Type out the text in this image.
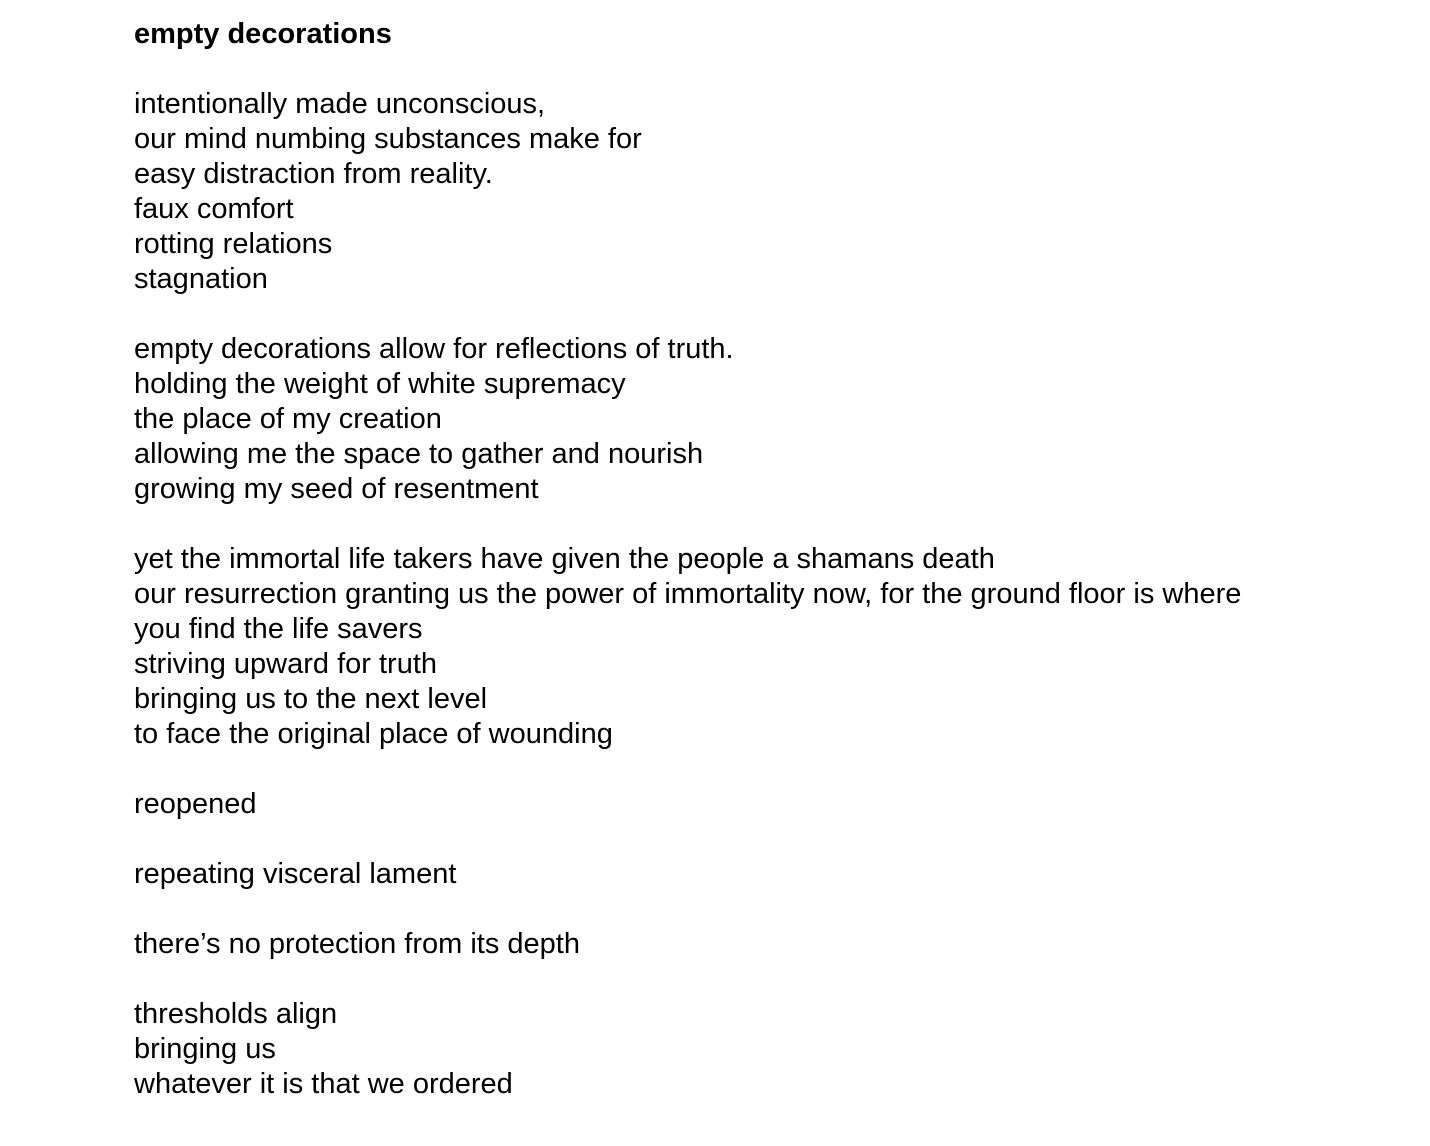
empty decorations
intentionally made unconscious,
our mind numbing substances make for
easy distraction from reality.
faux comfort
rotting relations
stagnation
empty decorations allow for reflections of truth.
holding the weight of white supremacy
the place of my creation
allowing me the space to gather and nourish
growing my seed of resentment
yet the immortal life takers have given the people a shamans death
our resurrection granting us the power of immortality now, for the ground floor is where
you find the life savers
striving upward for truth
bringing us to the next level
to face the original place of wounding
reopened
repeating visceral lament
there’s no protection from its depth
thresholds align
bringing us
whatever it is that we ordered
